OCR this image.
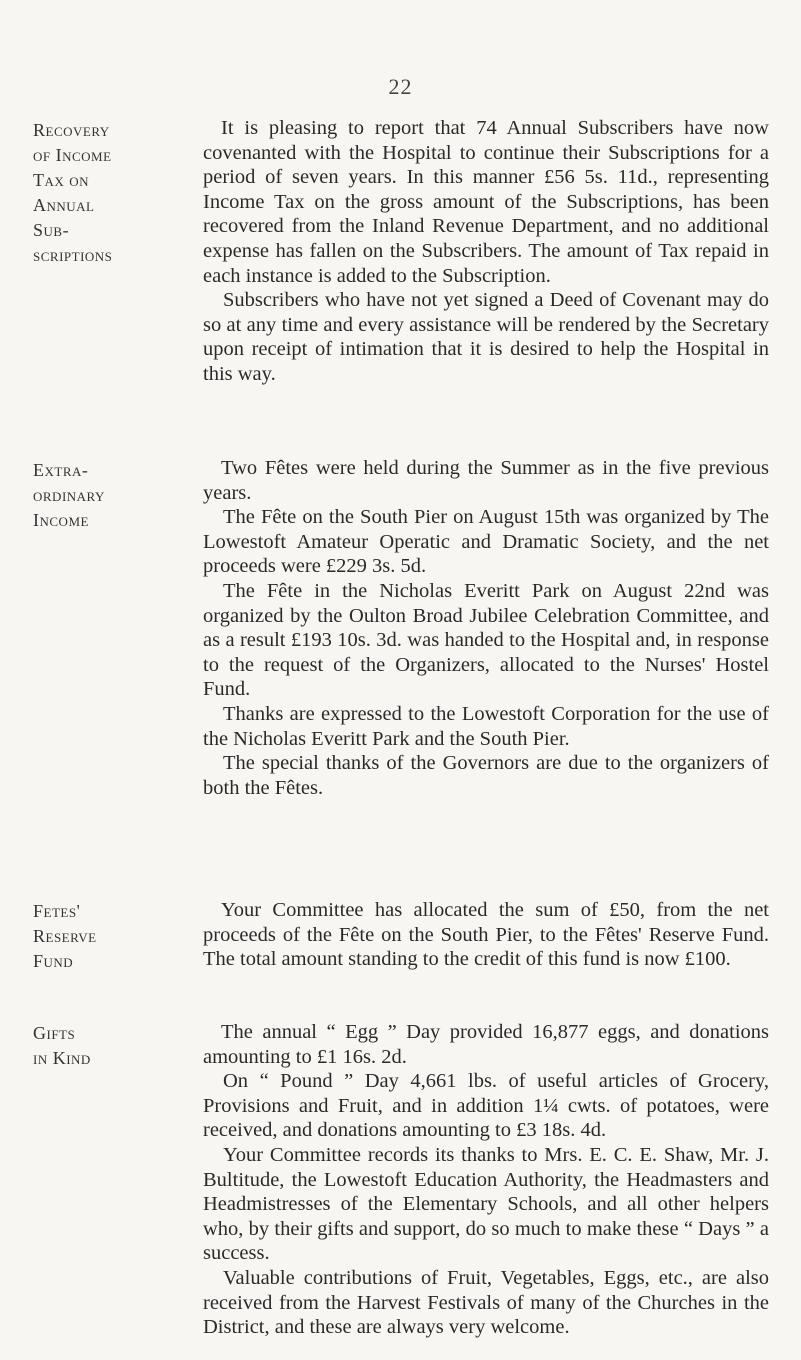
22
Recovery
of Income
Tax on
Annual
Sub-
scriptions

It is pleasing to report that 74 Annual Subscribers have now covenanted with the Hospital to continue their Subscriptions for a period of seven years. In this manner £56 5s. 11d., representing Income Tax on the gross amount of the Subscriptions, has been recovered from the Inland Revenue Department, and no additional expense has fallen on the Subscribers. The amount of Tax repaid in each instance is added to the Subscription.

Subscribers who have not yet signed a Deed of Covenant may do so at any time and every assistance will be rendered by the Secretary upon receipt of intimation that it is desired to help the Hospital in this way.

Extra-
ordinary
Income

Two Fêtes were held during the Summer as in the five previous years.

The Fête on the South Pier on August 15th was organized by The Lowestoft Amateur Operatic and Dramatic Society, and the net proceeds were £229 3s. 5d.

The Fête in the Nicholas Everitt Park on August 22nd was organized by the Oulton Broad Jubilee Celebration Committee, and as a result £193 10s. 3d. was handed to the Hospital and, in response to the request of the Organizers, allocated to the Nurses' Hostel Fund.

Thanks are expressed to the Lowestoft Corporation for the use of the Nicholas Everitt Park and the South Pier.

The special thanks of the Governors are due to the organizers of both the Fêtes.

Fetes'
Reserve
Fund

Your Committee has allocated the sum of £50, from the net proceeds of the Fête on the South Pier, to the Fêtes' Reserve Fund. The total amount standing to the credit of this fund is now £100.

Gifts
in Kind

The annual “ Egg ” Day provided 16,877 eggs, and donations amounting to £1 16s. 2d.

On “ Pound ” Day 4,661 lbs. of useful articles of Grocery, Provisions and Fruit, and in addition 1¼ cwts. of potatoes, were received, and donations amounting to £3 18s. 4d.

Your Committee records its thanks to Mrs. E. C. E. Shaw, Mr. J. Bultitude, the Lowestoft Education Authority, the Headmasters and Headmistresses of the Elementary Schools, and all other helpers who, by their gifts and support, do so much to make these “ Days ” a success.

Valuable contributions of Fruit, Vegetables, Eggs, etc., are also received from the Harvest Festivals of many of the Churches in the District, and these are always very welcome.
